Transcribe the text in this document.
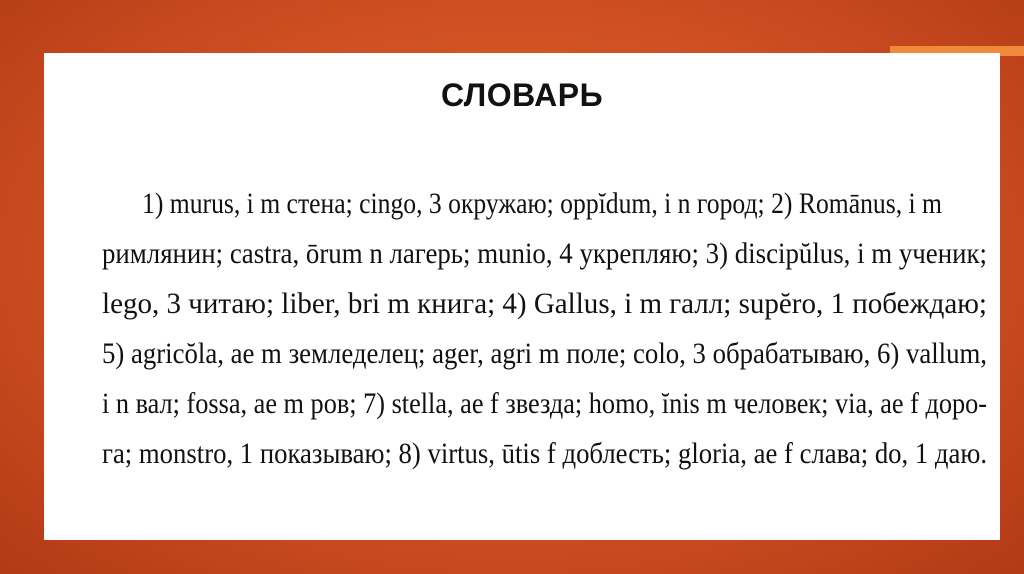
СЛОВАРЬ
1) murus, i m стена; cingo, 3 окружаю; oppĭdum, i n город; 2) Romānus, i m
римлянин; castra, ōrum n лагерь; munio, 4 укрепляю; 3) discipŭlus, i m ученик;
lego, 3 читаю; liber, bri m книга; 4) Gallus, i m галл; supĕro, 1 побеждаю;
5) agricŏla, ae m земледелец; ager, agri m поле; colo, 3 обрабатываю, 6) vallum,
i n вал; fossa, ae m ров; 7) stella, ae f звезда; homo, ĭnis m человек; via, ae f доро-
га; monstro, 1 показываю; 8) virtus, ūtis f доблесть; gloria, ae f слава; do, 1 даю.
